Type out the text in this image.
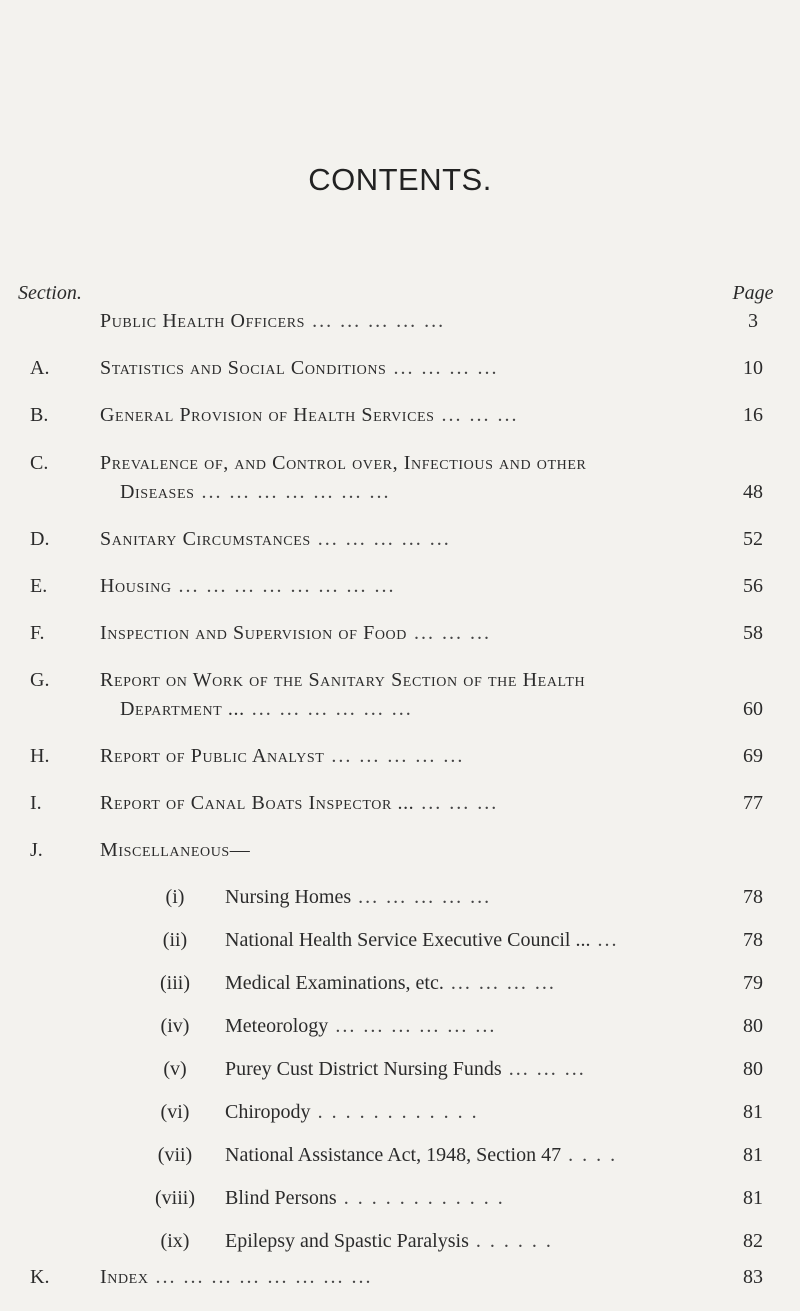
CONTENTS.
Section.	Page
Public Health Officers ... ... ... ... ...	3
A.	Statistics and Social Conditions ... ... ... ...	10
B.	General Provision of Health Services ... ... ...	16
C.	Prevalence of, and Control over, Infectious and other
Diseases ... ... ... ... ... ... ...	48
D.	Sanitary Circumstances ... ... ... ... ...	52
E.	Housing ... ... ... ... ... ... ... ...	56
F.	Inspection and Supervision of Food ... ... ...	58
G.	Report on Work of the Sanitary Section of the Health
Department ... ... ... ... ... ... ...	60
H.	Report of Public Analyst ... ... ... ... ...	69
I.	Report of Canal Boats Inspector ... ... ... ...	77
J.	Miscellaneous—
(i)	Nursing Homes ... ... ... ... ...	78
(ii)	National Health Service Executive Council ... ...	78
(iii)	Medical Examinations, etc. ... ... ... ...	79
(iv)	Meteorology ... ... ... ... ... ...	80
(v)	Purey Cust District Nursing Funds ... ... ...	80
(vi)	Chiropody . . . . . . . . . . . .	81
(vii)	National Assistance Act, 1948, Section 47 . . . .	81
(viii)	Blind Persons . . . . . . . . . . . .	81
(ix)	Epilepsy and Spastic Paralysis . . . . . .	82
K.	Index ... ... ... ... ... ... ... ...	83
